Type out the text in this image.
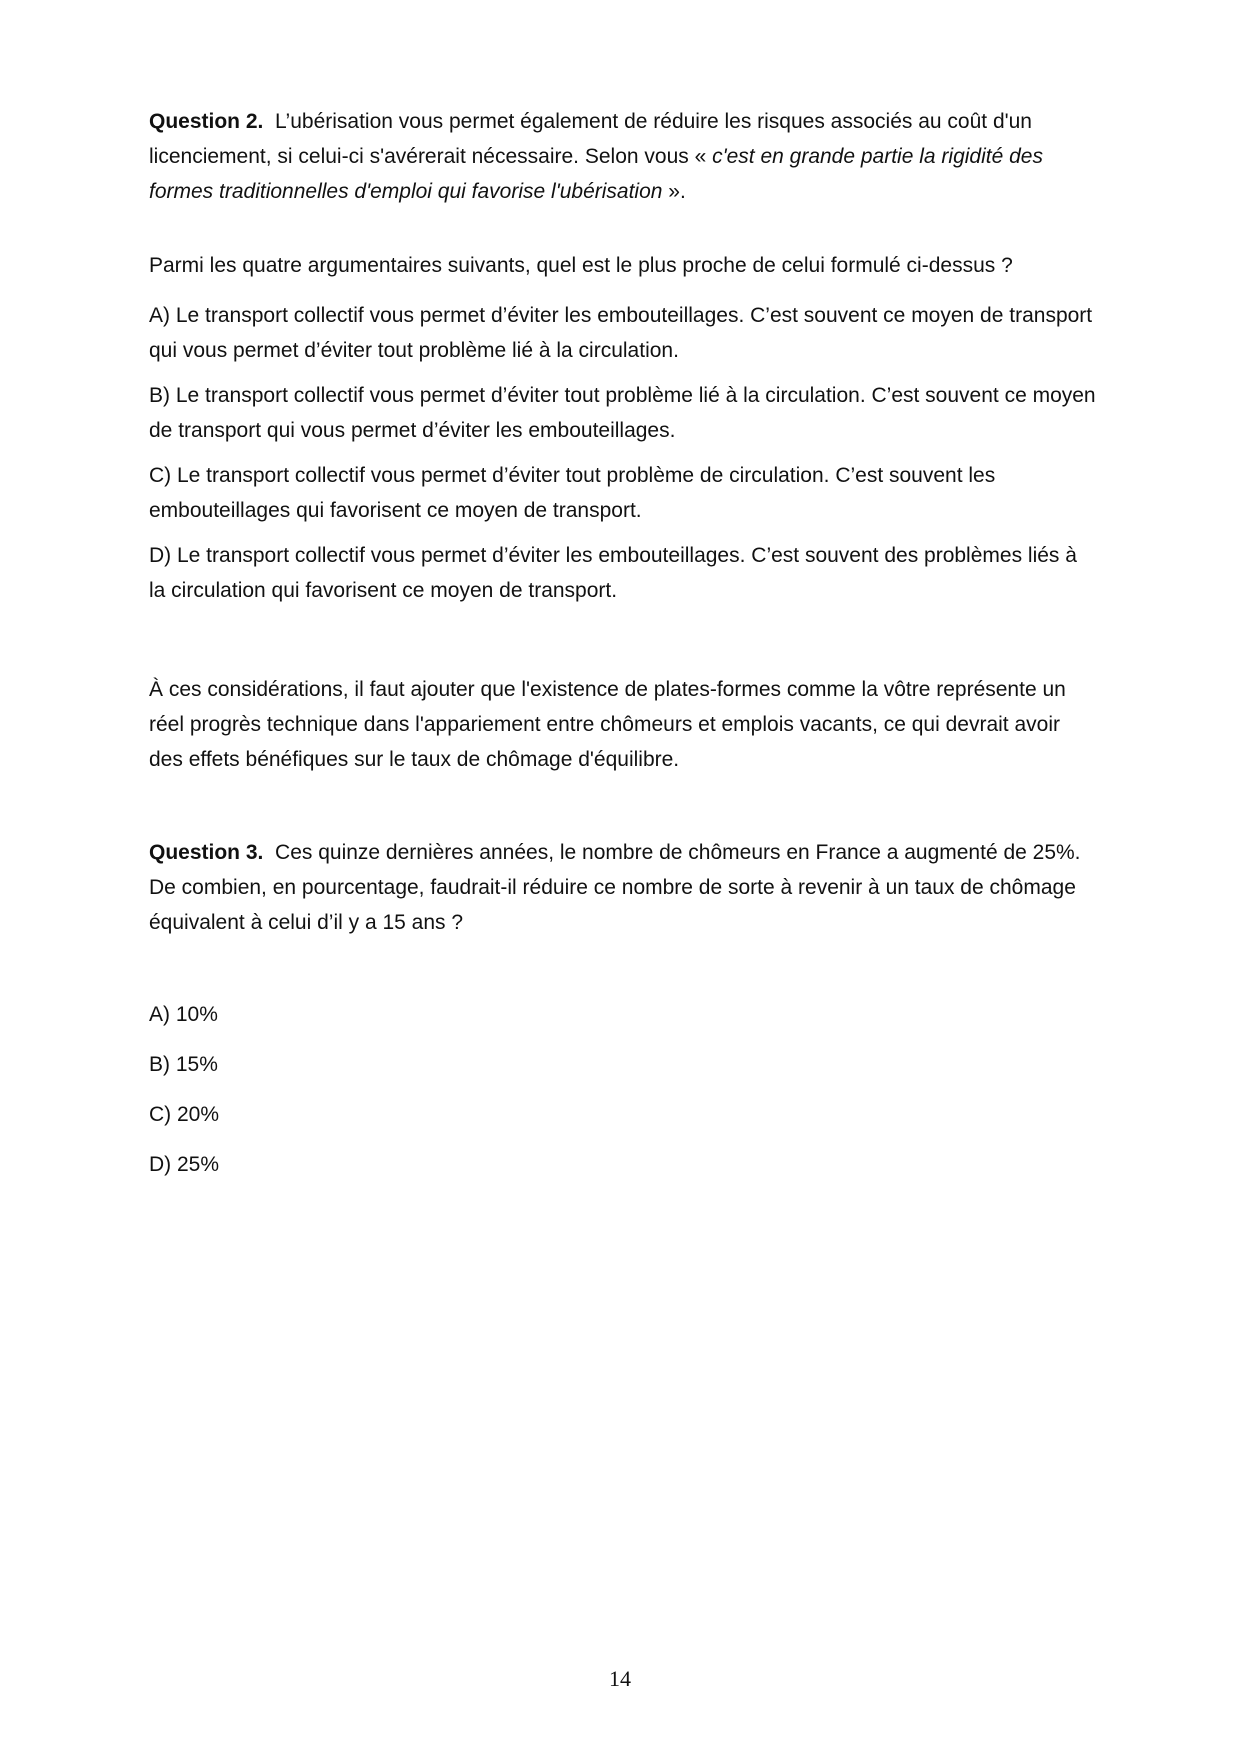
Question 2. L’ubérisation vous permet également de réduire les risques associés au coût d'un licenciement, si celui-ci s'avérerait nécessaire. Selon vous « c'est en grande partie la rigidité des formes traditionnelles d'emploi qui favorise l'ubérisation ».
Parmi les quatre argumentaires suivants, quel est le plus proche de celui formulé ci-dessus ?
A) Le transport collectif vous permet d’éviter les embouteillages. C’est souvent ce moyen de transport qui vous permet d’éviter tout problème lié à la circulation.
B) Le transport collectif vous permet d’éviter tout problème lié à la circulation. C’est souvent ce moyen de transport qui vous permet d’éviter les embouteillages.
C) Le transport collectif vous permet d’éviter tout problème de circulation. C’est souvent les embouteillages qui favorisent ce moyen de transport.
D) Le transport collectif vous permet d’éviter les embouteillages. C’est souvent des problèmes liés à la circulation qui favorisent ce moyen de transport.
À ces considérations, il faut ajouter que l'existence de plates-formes comme la vôtre représente un réel progrès technique dans l'appariement entre chômeurs et emplois vacants, ce qui devrait avoir des effets bénéfiques sur le taux de chômage d'équilibre.
Question 3. Ces quinze dernières années, le nombre de chômeurs en France a augmenté de 25%. De combien, en pourcentage, faudrait-il réduire ce nombre de sorte à revenir à un taux de chômage équivalent à celui d’il y a 15 ans ?
A) 10%
B) 15%
C) 20%
D) 25%
14
